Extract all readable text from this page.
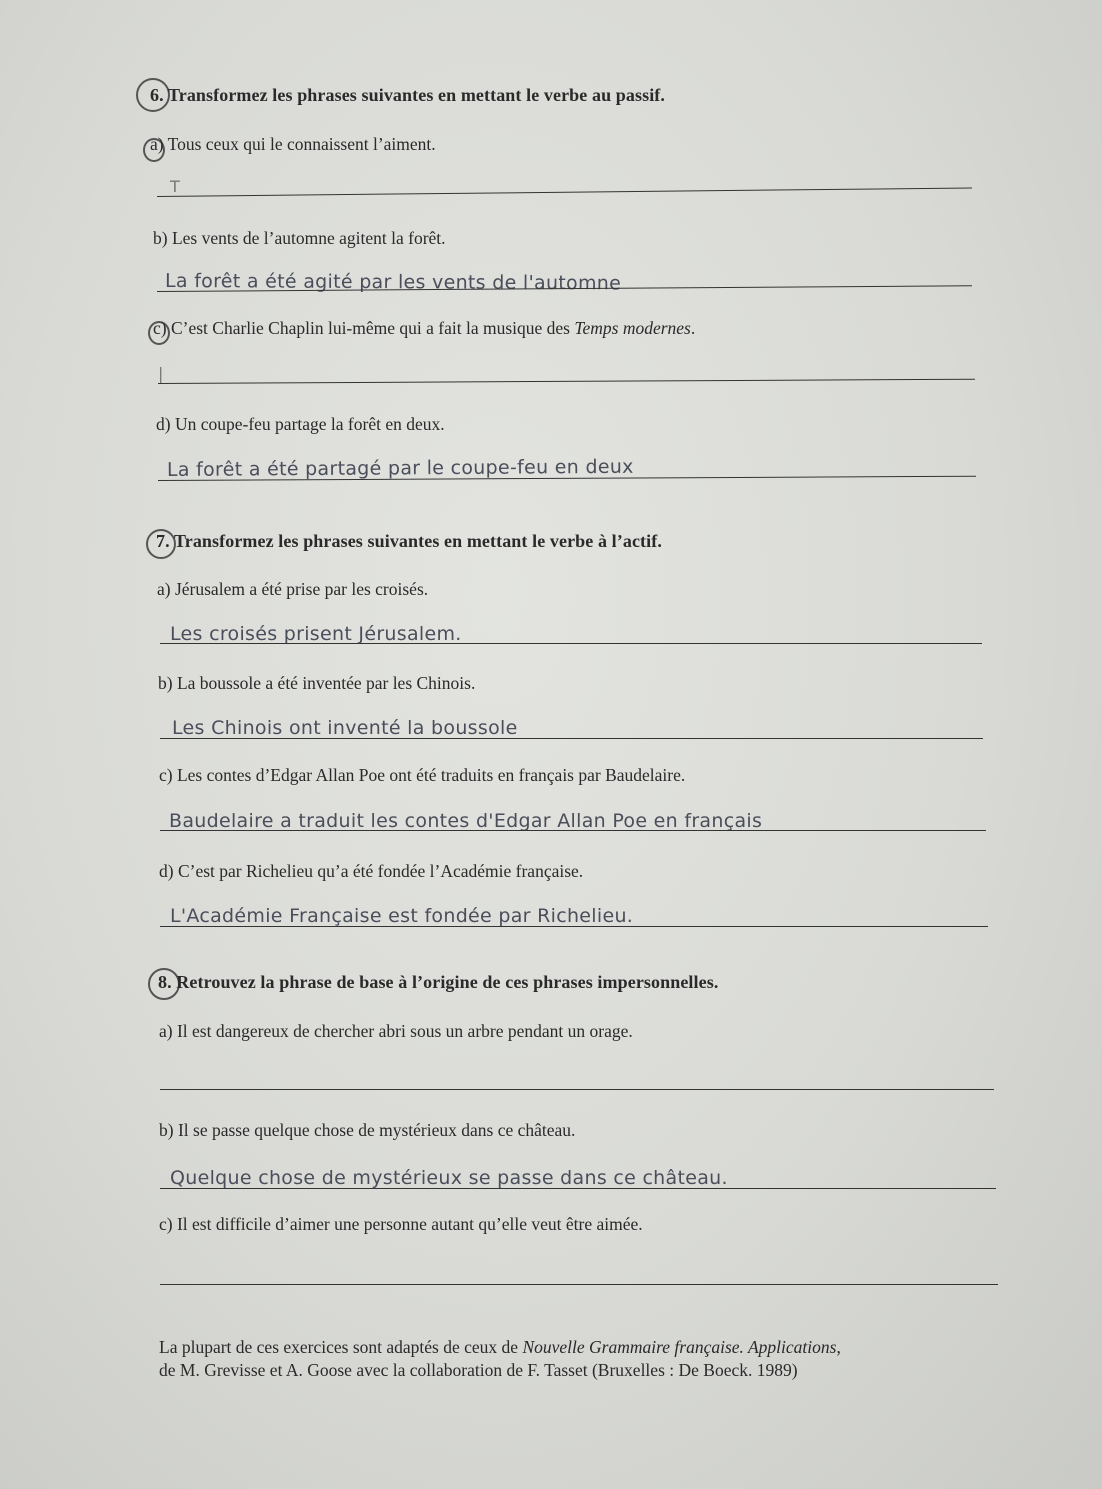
6. Transformez les phrases suivantes en mettant le verbe au passif.
a) Tous ceux qui le connaissent l’aiment.
T
b) Les vents de l’automne agitent la forêt.
La forêt a été agité par les vents de l'automne
c) C’est Charlie Chaplin lui-même qui a fait la musique des Temps modernes.
|
d) Un coupe-feu partage la forêt en deux.
La forêt a été partagé par le coupe-feu en deux
7. Transformez les phrases suivantes en mettant le verbe à l’actif.
a) Jérusalem a été prise par les croisés.
Les croisés prisent Jérusalem.
b) La boussole a été inventée par les Chinois.
Les Chinois ont inventé la boussole
c) Les contes d’Edgar Allan Poe ont été traduits en français par Baudelaire.
Baudelaire a traduit les contes d'Edgar Allan Poe en français
d) C’est par Richelieu qu’a été fondée l’Académie française.
L'Académie Française est fondée par Richelieu.
8. Retrouvez la phrase de base à l’origine de ces phrases impersonnelles.
a) Il est dangereux de chercher abri sous un arbre pendant un orage.
b) Il se passe quelque chose de mystérieux dans ce château.
Quelque chose de mystérieux se passe dans ce château.
c) Il est difficile d’aimer une personne autant qu’elle veut être aimée.
La plupart de ces exercices sont adaptés de ceux de Nouvelle Grammaire française. Applications,
de M. Grevisse et A. Goose avec la collaboration de F. Tasset (Bruxelles : De Boeck. 1989)
